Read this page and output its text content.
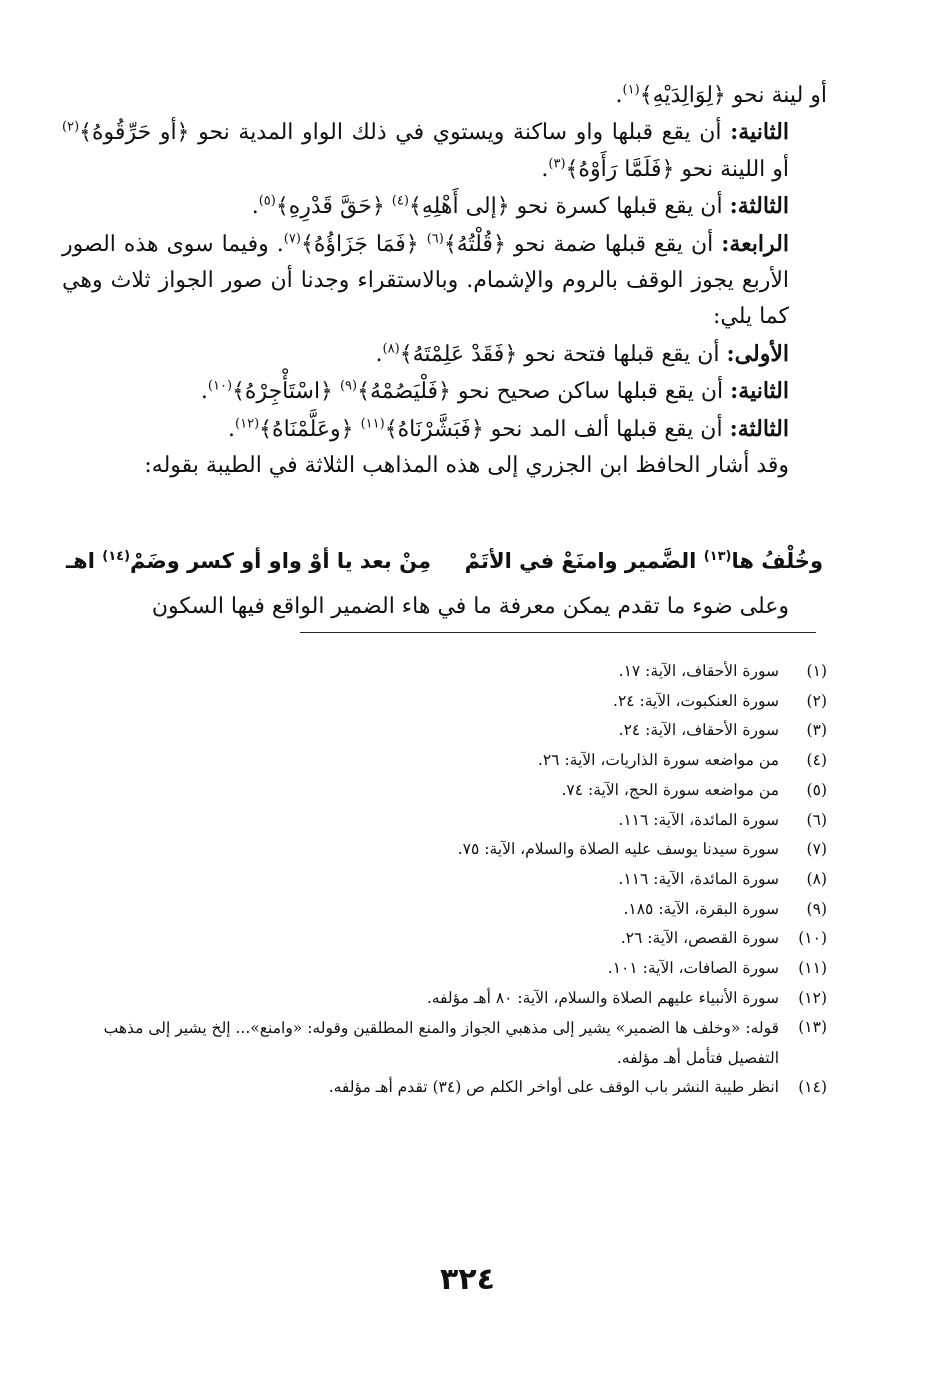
أو لينة نحو ﴿لِوَالِدَيْهِ﴾$^{(١)}$.

الثانية: أن يقع قبلها واو ساكنة ويستوي في ذلك الواو المدية نحو ﴿أو حَرِّقُوهُ﴾$^{(٢)}$ أو اللينة نحو ﴿فَلَمَّا رَأَوْهُ﴾$^{(٣)}$.

الثالثة: أن يقع قبلها كسرة نحو ﴿إلى أَهْلِهِ﴾$^{(٤)}$ ﴿حَقَّ قَدْرِهِ﴾$^{(٥)}$.

الرابعة: أن يقع قبلها ضمة نحو ﴿قُلْتُهُ﴾$^{(٦)}$ ﴿فَمَا جَزَاؤُهُ﴾$^{(٧)}$. وفيما سوى هذه الصور الأربع يجوز الوقف بالروم والإشمام. وبالاستقراء وجدنا أن صور الجواز ثلاث وهي كما يلي:

الأولى: أن يقع قبلها فتحة نحو ﴿فَقَدْ عَلِمْتَهُ﴾$^{(٨)}$.

الثانية: أن يقع قبلها ساكن صحيح نحو ﴿فَلْيَصُمْهُ﴾$^{(٩)}$ ﴿اسْتَأْجِرْهُ﴾$^{(١٠)}$.

الثالثة: أن يقع قبلها ألف المد نحو ﴿فَبَشَّرْنَاهُ﴾$^{(١١)}$ ﴿وعَلَّمْنَاهُ﴾$^{(١٢)}$.

وقد أشار الحافظ ابن الجزري إلى هذه المذاهب الثلاثة في الطيبة بقوله:

وخُلْفُ ها$^{(١٣)}$ الضَّمير وامنَعْ في الأتَمْ
مِنْ بعد يا أوْ واو أو كسر وضَمْ$^{(١٤)}$ اهـ

وعلى ضوء ما تقدم يمكن معرفة ما في هاء الضمير الواقع فيها السكون

(١)
سورة الأحقاف، الآية: ١٧.
(٢)
سورة العنكبوت، الآية: ٢٤.
(٣)
سورة الأحقاف، الآية: ٢٤.
(٤)
من مواضعه سورة الذاريات، الآية: ٢٦.
(٥)
من مواضعه سورة الحج، الآية: ٧٤.
(٦)
سورة المائدة، الآية: ١١٦.
(٧)
سورة سيدنا يوسف عليه الصلاة والسلام، الآية: ٧٥.
(٨)
سورة المائدة، الآية: ١١٦.
(٩)
سورة البقرة، الآية: ١٨٥.
(١٠)
سورة القصص، الآية: ٢٦.
(١١)
سورة الصافات، الآية: ١٠١.
(١٢)
سورة الأنبياء عليهم الصلاة والسلام، الآية: ٨٠ أهـ مؤلفه.
(١٣)
قوله: «وخلف ها الضمير» يشير إلى مذهبي الجواز والمنع المطلقين وقوله: «وامنع»... إلخ يشير إلى مذهب التفصيل فتأمل أهـ مؤلفه.
(١٤)
انظر طيبة النشر باب الوقف على أواخر الكلم ص (٣٤) تقدم أهـ مؤلفه.
٣٢٤
